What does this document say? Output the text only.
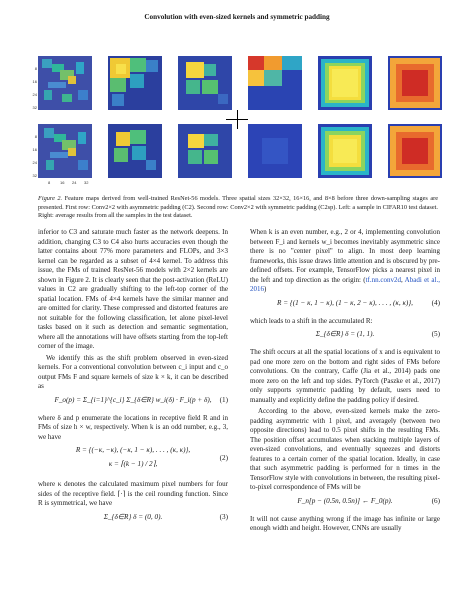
Convolution with even-sized kernels and symmetric padding
8
16
24
32
8
16
24
32
8 16 24 32
Figure 2. Feature maps derived from well-trained ResNet-56 models. Three spatial sizes 32×32, 16×16, and 8×8 before three down-sampling stages are presented. First row: Conv2×2 with asymmetric padding (C2). Second row: Conv2×2 with symmetric padding (C2sp). Left: a sample in CIFAR10 test dataset. Right: average results from all the samples in the test dataset.

inferior to C3 and saturate much faster as the network deepens. In addition, changing C3 to C4 also hurts accuracies even though the latter contains about 77% more parameters and FLOPs, and 3×3 kernel can be regarded as a subset of 4×4 kernel. To address this issue, the FMs of trained ResNet-56 models with 2×2 kernels are shown in Figure 2. It is clearly seen that the post-activation (ReLU) values in C2 are gradually shifting to the left-top corner of the spatial location. FMs of 4×4 kernels have the similar manner and are omitted for clarity. These compressed and distorted features are not suitable for the following classification, let alone pixel-level tasks based on it such as detection and semantic segmentation, where all the annotations will have offsets starting from the top-left corner of the image.

We identify this as the shift problem observed in even-sized kernels. For a conventional convolution between c_i input and c_o output FMs F and square kernels of size k × k, it can be described as

F_o(p) = Σ_{i=1}^{c_i} Σ_{δ∈R} w_i(δ) · F_i(p + δ),	(1)

where δ and p enumerate the locations in receptive field R and in FMs of size h × w, respectively. When k is an odd number, e.g., 3, we have

R = {(−κ, −κ), (−κ, 1 − κ), . . . , (κ, κ)},
κ = ⌈(k − 1) / 2⌉,
(2)

where κ denotes the calculated maximum pixel numbers for four sides of the receptive field. ⌈·⌉ is the ceil rounding function. Since R is symmetrical, we have

Σ_{δ∈R} δ = (0, 0).	(3)

When k is an even number, e.g., 2 or 4, implementing convolution between F_i and kernels w_i becomes inevitably asymmetric since there is no "center pixel" to align. In most deep learning frameworks, this issue draws little attention and is obscured by pre-defined offsets. For example, TensorFlow picks a nearest pixel in the left and top direction as the origin: (tf.nn.conv2d, Abadi et al., 2016)

R = {(1 − κ, 1 − κ), (1 − κ, 2 − κ), . . . , (κ, κ)},	(4)

which leads to a shift in the accumulated R:

Σ_{δ∈R} δ = (1, 1).	(5)

The shift occurs at all the spatial locations of x and is equivalent to pad one more zero on the bottom and right sides of FMs before convolutions. On the contrary, Caffe (Jia et al., 2014) pads one more zero on the left and top sides. PyTorch (Paszke et al., 2017) only supports symmetric padding by default, users need to manually and explicitly define the padding policy if desired.

According to the above, even-sized kernels make the zero-padding asymmetric with 1 pixel, and averagely (between two opposite directions) lead to 0.5 pixel shifts in the resulting FMs. The position offset accumulates when stacking multiple layers of even-sized convolutions, and eventually squeezes and distorts features to a certain corner of the spatial location. Ideally, in case that such asymmetric padding is performed for n times in the TensorFlow style with convolutions in between, the resulting pixel-to-pixel correspondence of FMs will be

F_n[p − (0.5n, 0.5n)] ← F_0(p).	(6)

It will not cause anything wrong if the image has infinite or large enough width and height. However, CNNs are usually
